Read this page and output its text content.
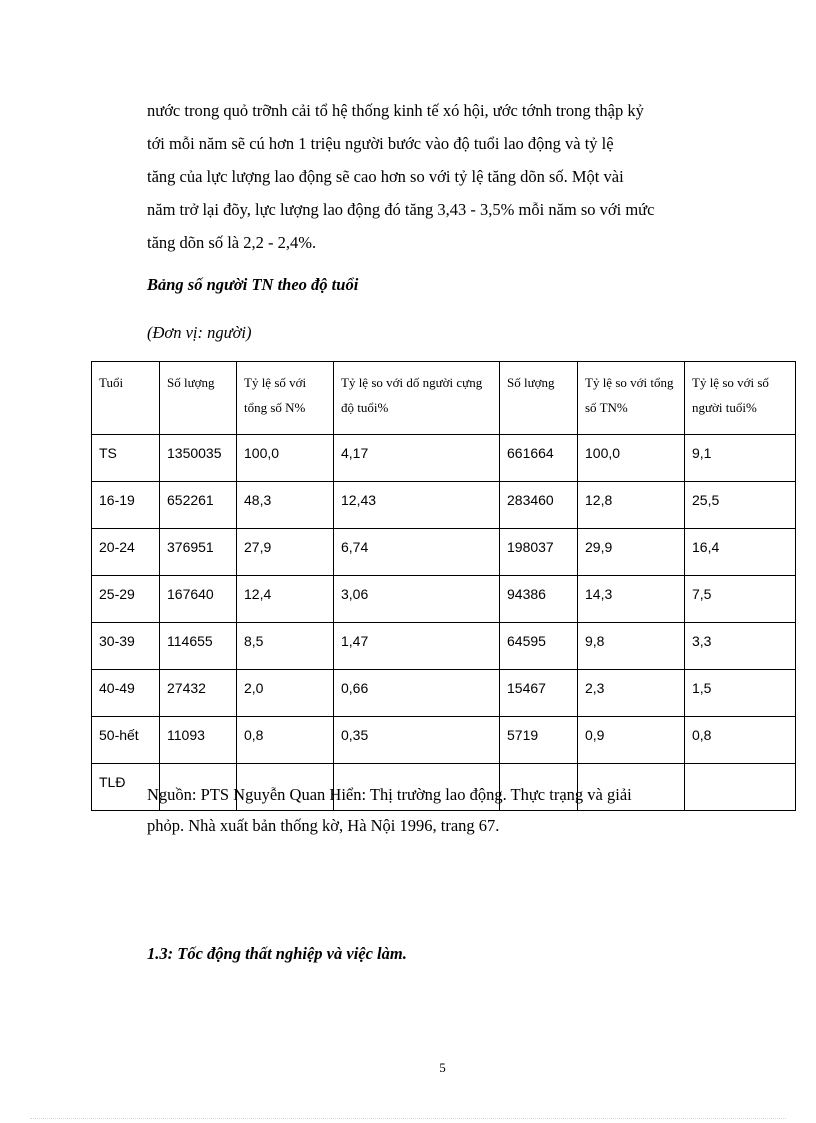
nước trong quỏ trỡnh cải tổ hệ thống kinh tế xó hội, ước tớnh trong thập kỷ

tới mỗi năm sẽ cú hơn 1 triệu người bước vào độ tuổi lao động và tỷ lệ

tăng của lực lượng lao động sẽ cao hơn so với tỷ lệ tăng dõn số. Một vài

năm trở lại đõy, lực lượng lao động đó tăng 3,43 - 3,5% mỗi năm so với mức

tăng dõn số là 2,2 - 2,4%.

Bảng số người TN theo độ tuổi
(Đơn vị: người)
Tuổi	Số lượng	Tỷ lệ số với tổng số N%	Tỷ lệ so với dố người cựng độ tuổi%	Số lượng	Tỷ lệ so với tổng số TN%	Tỷ lệ so với số người tuổi%
TS	1350035	100,0	4,17	661664	100,0	9,1
16-19	652261	48,3	12,43	283460	12,8	25,5
20-24	376951	27,9	6,74	198037	29,9	16,4
25-29	167640	12,4	3,06	94386	14,3	7,5
30-39	114655	8,5	1,47	64595	9,8	3,3
40-49	27432	2,0	0,66	15467	2,3	1,5
50-hết	11093	0,8	0,35	5719	0,9	0,8
TLĐ						
Nguồn: PTS Nguyễn Quan Hiển: Thị trường lao động. Thực trạng và giải
phỏp. Nhà xuất bản thống kờ, Hà Nội 1996, trang 67.
1.3: Tốc động thất nghiệp và việc làm.
5
